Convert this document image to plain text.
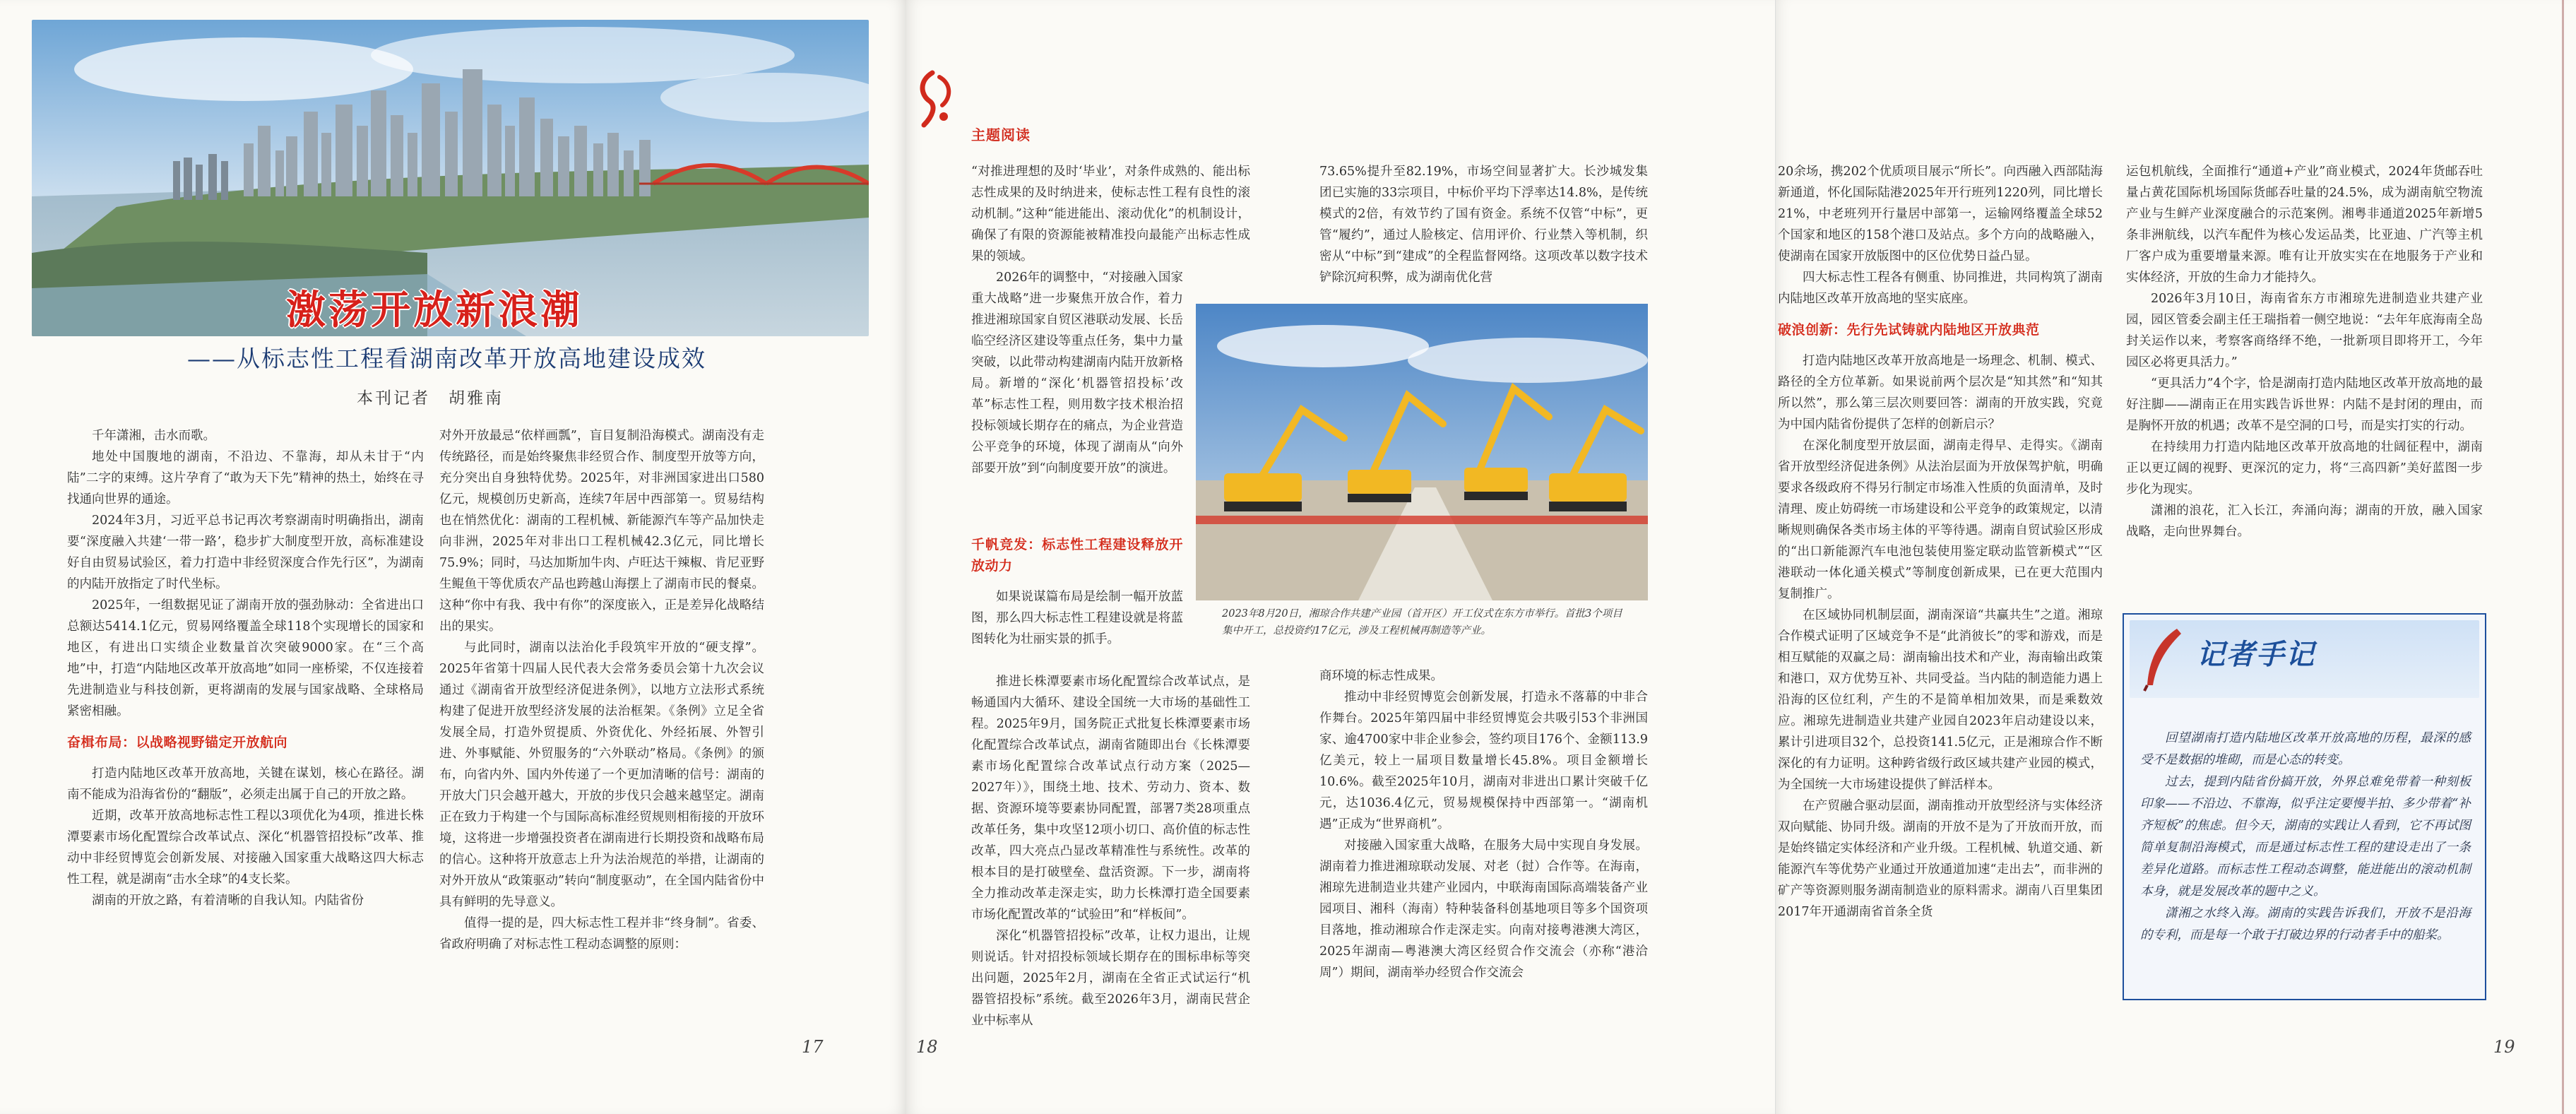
激荡开放新浪潮
——从标志性工程看湖南改革开放高地建设成效
本刊记者　胡雅南

千年潇湘，击水而歌。

地处中国腹地的湖南，不沿边、不靠海，却从未甘于“内陆”二字的束缚。这片孕育了“敢为天下先”精神的热土，始终在寻找通向世界的通途。

2024年3月，习近平总书记再次考察湖南时明确指出，湖南要“深度融入共建‘一带一路’，稳步扩大制度型开放，高标准建设好自由贸易试验区，着力打造中非经贸深度合作先行区”，为湖南的内陆开放指定了时代坐标。

2025年，一组数据见证了湖南开放的强劲脉动：全省进出口总额达5414.1亿元，贸易网络覆盖全球118个实现增长的国家和地区，有进出口实绩企业数量首次突破9000家。在“三个高地”中，打造“内陆地区改革开放高地”如同一座桥梁，不仅连接着先进制造业与科技创新，更将湖南的发展与国家战略、全球格局紧密相融。

奋楫布局：以战略视野锚定开放航向

打造内陆地区改革开放高地，关键在谋划，核心在路径。湖南不能成为沿海省份的“翻版”，必须走出属于自己的开放之路。

近期，改革开放高地标志性工程以3项优化为4项，推进长株潭要素市场化配置综合改革试点、深化“机器管招投标”改革、推动中非经贸博览会创新发展、对接融入国家重大战略这四大标志性工程，就是湖南“击水全球”的4支长桨。

湖南的开放之路，有着清晰的自我认知。内陆省份

对外开放最忌“依样画瓢”，盲目复制沿海模式。湖南没有走传统路径，而是始终聚焦非经贸合作、制度型开放等方向，充分突出自身独特优势。2025年，对非洲国家进出口580亿元，规模创历史新高，连续7年居中西部第一。贸易结构也在悄然优化：湖南的工程机械、新能源汽车等产品加快走向非洲，2025年对非出口工程机械42.3亿元，同比增长75.9%；同时，马达加斯加牛肉、卢旺达干辣椒、肯尼亚野生鲲鱼干等优质农产品也跨越山海摆上了湖南市民的餐桌。这种“你中有我、我中有你”的深度嵌入，正是差异化战略结出的果实。

与此同时，湖南以法治化手段筑牢开放的“硬支撑”。2025年省第十四届人民代表大会常务委员会第十九次会议通过《湖南省开放型经济促进条例》，以地方立法形式系统构建了促进开放型经济发展的法治框架。《条例》立足全省发展全局，打造外贸提质、外资优化、外经拓展、外智引进、外事赋能、外贸服务的“六外联动”格局。《条例》的颁布，向省内外、国内外传递了一个更加清晰的信号：湖南的开放大门只会越开越大，开放的步伐只会越来越坚定。湖南正在致力于构建一个与国际高标准经贸规则相衔接的开放环境，这将进一步增强投资者在湖南进行长期投资和战略布局的信心。这种将开放意志上升为法治规范的举措，让湖南的对外开放从“政策驱动”转向“制度驱动”，在全国内陆省份中具有鲜明的先导意义。

值得一提的是，四大标志性工程并非“终身制”。省委、省政府明确了对标志性工程动态调整的原则：

17
主题阅读

“对推进理想的及时‘毕业’，对条件成熟的、能出标志性成果的及时纳进来，使标志性工程有良性的滚动机制。”这种“能进能出、滚动优化”的机制设计，确保了有限的资源能被精准投向最能产出标志性成果的领域。

2026年的调整中，“对接融入国家重大战略”进一步聚焦开放合作，着力推进湘琼国家自贸区港联动发展、长岳临空经济区建设等重点任务，集中力量突破，以此带动构建湖南内陆开放新格局。新增的“深化‘机器管招投标’改革”标志性工程，则用数字技术根治招投标领域长期存在的痛点，为企业营造公平竞争的环境，体现了湖南从“向外部要开放”到“向制度要开放”的演进。

千帆竞发：标志性工程建设释放开放动力

如果说谋篇布局是绘制一幅开放蓝图，那么四大标志性工程建设就是将蓝图转化为壮丽实景的抓手。

推进长株潭要素市场化配置综合改革试点，是畅通国内大循环、建设全国统一大市场的基础性工程。2025年9月，国务院正式批复长株潭要素市场化配置综合改革试点，湖南省随即出台《长株潭要素市场化配置综合改革试点行动方案（2025—2027年）》，围绕土地、技术、劳动力、资本、数据、资源环境等要素协同配置，部署7类28项重点改革任务，集中攻坚12项小切口、高价值的标志性改革，四大亮点凸显改革精准性与系统性。改革的根本目的是打破壁垒、盘活资源。下一步，湖南将全力推动改革走深走实，助力长株潭打造全国要素市场化配置改革的“试验田”和“样板间”。

深化“机器管招投标”改革，让权力退出，让规则说话。针对招投标领域长期存在的围标串标等突出问题，2025年2月，湖南在全省正式试运行“机器管招投标”系统。截至2026年3月，湖南民营企业中标率从

73.65%提升至82.19%，市场空间显著扩大。长沙城发集团已实施的33宗项目，中标价平均下浮率达14.8%，是传统模式的2倍，有效节约了国有资金。系统不仅管“中标”，更管“履约”，通过人脸核定、信用评价、行业禁入等机制，织密从“中标”到“建成”的全程监督网络。这项改革以数字技术铲除沉疴积弊，成为湖南优化营

2023年8月20日，湘琼合作共建产业园（首开区）开工仪式在东方市举行。首批3个项目集中开工，总投资约17亿元，涉及工程机械再制造等产业。

商环境的标志性成果。

推动中非经贸博览会创新发展，打造永不落幕的中非合作舞台。2025年第四届中非经贸博览会共吸引53个非洲国家、逾4700家中非企业参会，签约项目176个、金额113.9亿美元，较上一届项目数量增长45.8%。项目金额增长10.6%。截至2025年10月，湖南对非进出口累计突破千亿元，达1036.4亿元，贸易规模保持中西部第一。“湖南机遇”正成为“世界商机”。

对接融入国家重大战略，在服务大局中实现自身发展。湖南着力推进湘琼联动发展、对老（挝）合作等。在海南，湘琼先进制造业共建产业园内，中联海南国际高端装备产业园项目、湘科（海南）特种装备科创基地项目等多个国资项目落地，推动湘琼合作走深走实。向南对接粤港澳大湾区，2025年湖南—粤港澳大湾区经贸合作交流会（亦称“港洽周”）期间，湖南举办经贸合作交流会

18

20余场，携202个优质项目展示“所长”。向西融入西部陆海新通道，怀化国际陆港2025年开行班列1220列，同比增长21%，中老班列开行量居中部第一，运输网络覆盖全球52个国家和地区的158个港口及站点。多个方向的战略融入，使湖南在国家开放版图中的区位优势日益凸显。

四大标志性工程各有侧重、协同推进，共同构筑了湖南内陆地区改革开放高地的坚实底座。

破浪创新：先行先试铸就内陆地区开放典范

打造内陆地区改革开放高地是一场理念、机制、模式、路径的全方位革新。如果说前两个层次是“知其然”和“知其所以然”，那么第三层次则要回答：湖南的开放实践，究竟为中国内陆省份提供了怎样的创新启示？

在深化制度型开放层面，湖南走得早、走得实。《湖南省开放型经济促进条例》从法治层面为开放保驾护航，明确要求各级政府不得另行制定市场准入性质的负面清单，及时清理、废止妨碍统一市场建设和公平竞争的政策规定，以清晰规则确保各类市场主体的平等待遇。湖南自贸试验区形成的“出口新能源汽车电池包装使用鉴定联动监管新模式”“区港联动一体化通关模式”等制度创新成果，已在更大范围内复制推广。

在区域协同机制层面，湖南深谙“共赢共生”之道。湘琼合作模式证明了区域竞争不是“此消彼长”的零和游戏，而是相互赋能的双赢之局：湖南输出技术和产业，海南输出政策和港口，双方优势互补、共同受益。当内陆的制造能力遇上沿海的区位红利，产生的不是简单相加效果，而是乘数效应。湘琼先进制造业共建产业园自2023年启动建设以来，累计引进项目32个，总投资141.5亿元，正是湘琼合作不断深化的有力证明。这种跨省级行政区域共建产业园的模式，为全国统一大市场建设提供了鲜活样本。

在产贸融合驱动层面，湖南推动开放型经济与实体经济双向赋能、协同升级。湖南的开放不是为了开放而开放，而是始终锚定实体经济和产业升级。工程机械、轨道交通、新能源汽车等优势产业通过开放通道加速“走出去”，而非洲的矿产等资源则服务湖南制造业的原料需求。湖南八百里集团2017年开通湖南省首条全货

运包机航线，全面推行“通道+产业”商业模式，2024年货邮吞吐量占黄花国际机场国际货邮吞吐量的24.5%，成为湖南航空物流产业与生鲜产业深度融合的示范案例。湘粤非通道2025年新增5条非洲航线，以汽车配件为核心发运品类，比亚迪、广汽等主机厂客户成为重要增量来源。唯有让开放实实在在地服务于产业和实体经济，开放的生命力才能持久。

2026年3月10日，海南省东方市湘琼先进制造业共建产业园，园区管委会副主任王瑞指着一侧空地说：“去年年底海南全岛封关运作以来，考察客商络绎不绝，一批新项目即将开工，今年园区必将更具活力。”

“更具活力”4个字，恰是湖南打造内陆地区改革开放高地的最好注脚——湖南正在用实践告诉世界：内陆不是封闭的理由，而是胸怀开放的机遇；改革不是空洞的口号，而是实打实的行动。

在持续用力打造内陆地区改革开放高地的壮阔征程中，湖南正以更辽阔的视野、更深沉的定力，将“三高四新”美好蓝图一步步化为现实。

潇湘的浪花，汇入长江，奔涌向海；湖南的开放，融入国家战略，走向世界舞台。

记者手记

回望湖南打造内陆地区改革开放高地的历程，最深的感受不是数据的堆砌，而是心态的转变。

过去，提到内陆省份搞开放，外界总难免带着一种刻板印象——不沿边、不靠海，似乎注定要慢半拍、多少带着“补齐短板”的焦虑。但今天，湖南的实践让人看到，它不再试图简单复制沿海模式，而是通过标志性工程的建设走出了一条差异化道路。而标志性工程动态调整，能进能出的滚动机制本身，就是发展改革的题中之义。

潇湘之水终入海。湖南的实践告诉我们，开放不是沿海的专利，而是每一个敢于打破边界的行动者手中的船桨。

19
